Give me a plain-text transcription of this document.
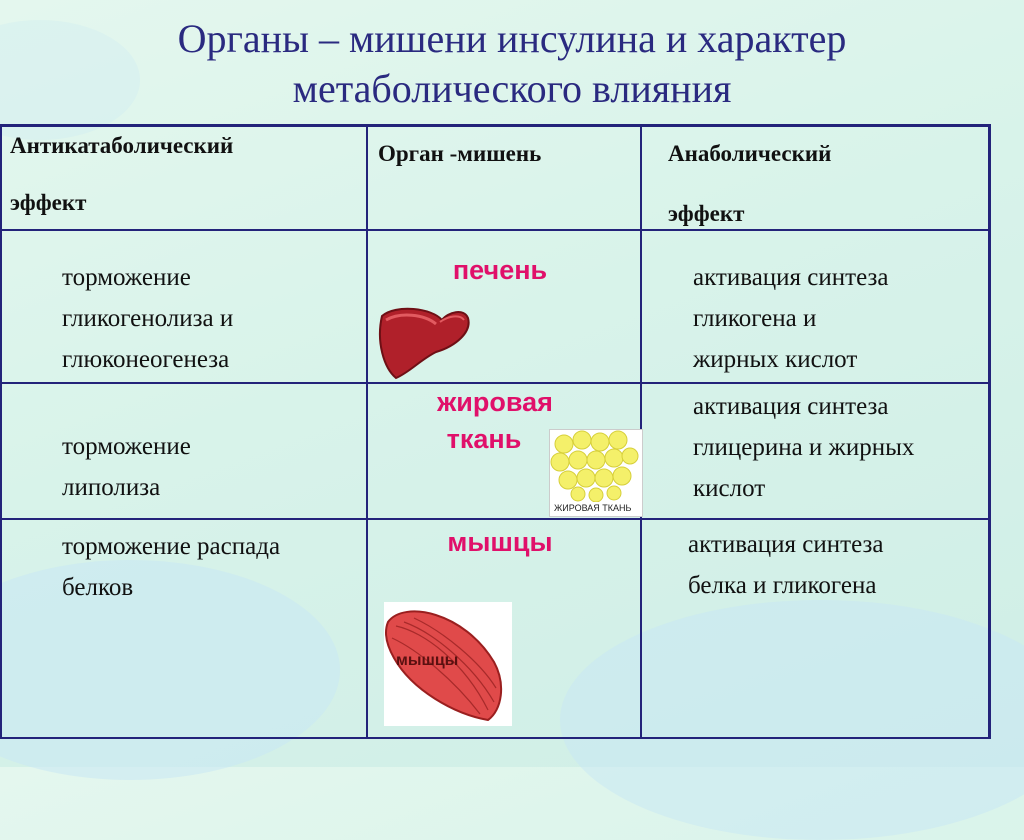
Органы – мишени инсулина и характер
метаболического влияния
Антикатаболический
эффект
Орган -мишень	Анаболический
эффект
торможение
гликогенолиза и
глюконеогенеза
печень	активация синтеза
гликогена и
жирных кислот
торможение
липолиза
жировая
ткань
ЖИРОВАЯ ТКАНЬ
активация синтеза
глицерина и жирных
кислот
торможение распада
белков
мышцы
мышцы
активация синтеза
белка и гликогена
